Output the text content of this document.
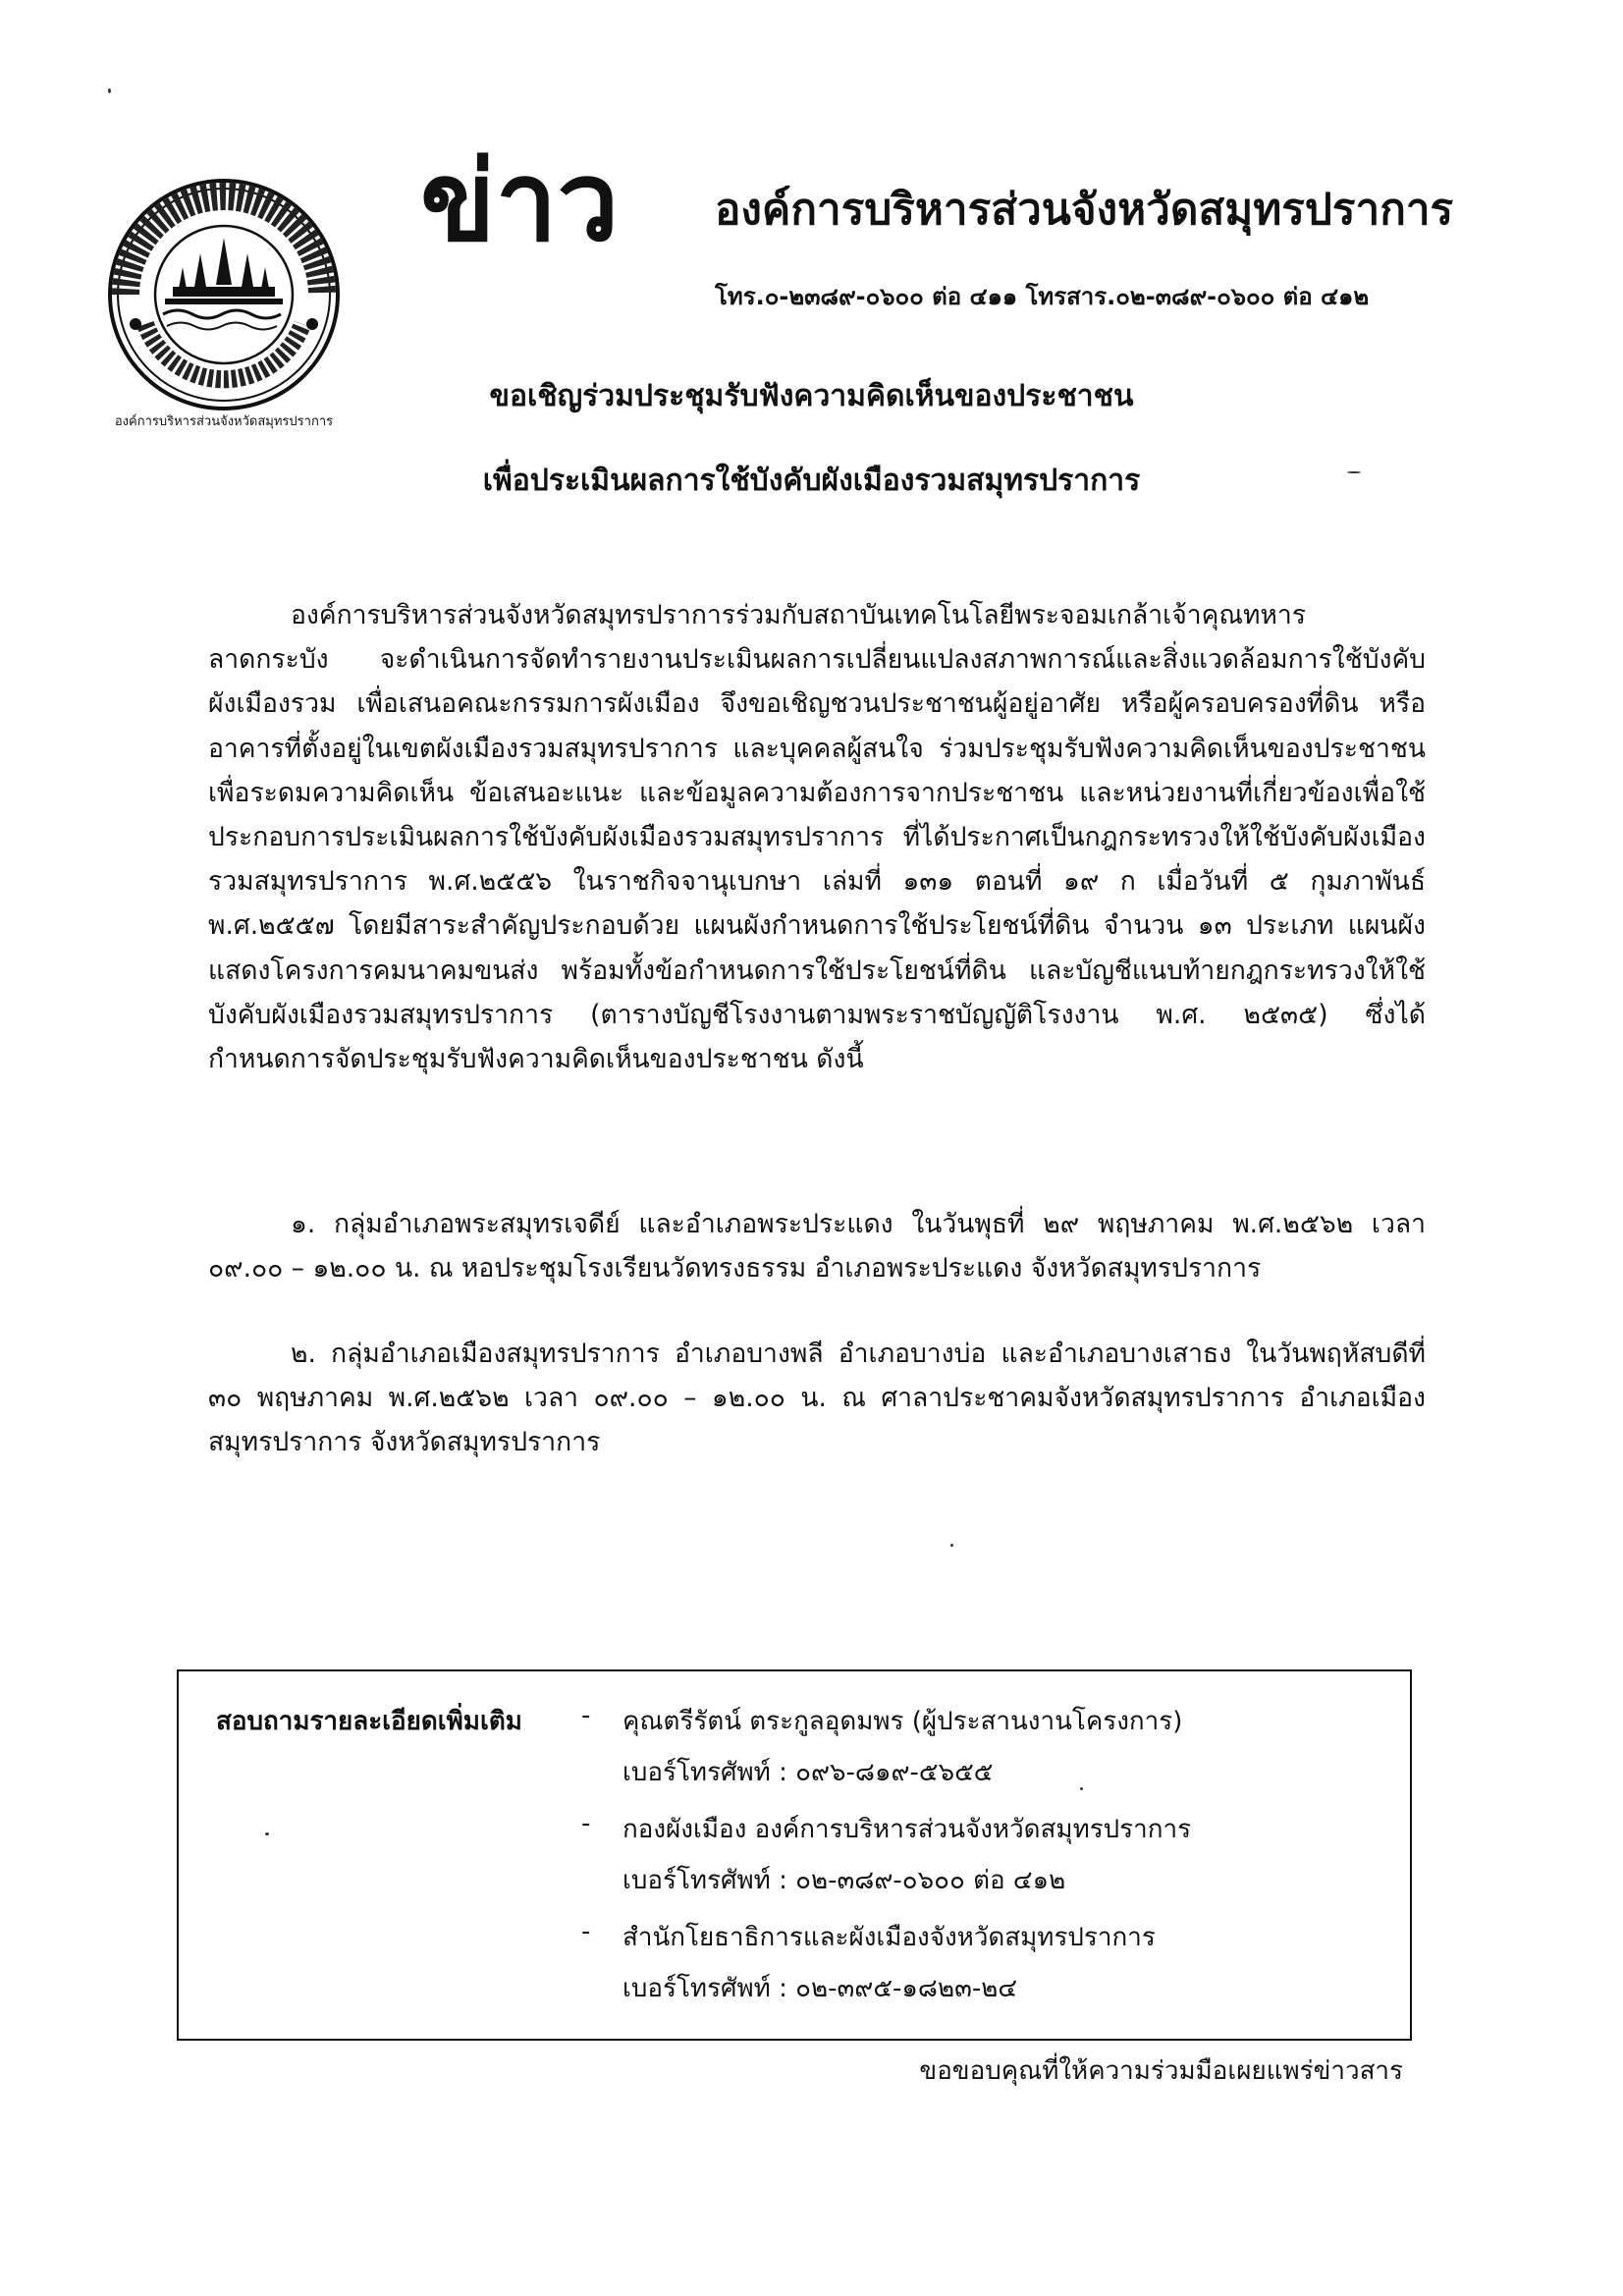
องค์การบริหารส่วนจังหวัดสมุทรปราการ
ข่าว องค์การบริหารส่วนจังหวัดสมุทรปราการ
โทร.๐-๒๓๘๙-๐๖๐๐ ต่อ ๔๑๑ โทรสาร.๐๒-๓๘๙-๐๖๐๐ ต่อ ๔๑๒
ขอเชิญร่วมประชุมรับฟังความคิดเห็นของประชาชน
เพื่อประเมินผลการใช้บังคับผังเมืองรวมสมุทรปราการ

องค์การบริหารส่วนจังหวัดสมุทรปราการร่วมกับสถาบันเทคโนโลยีพระจอมเกล้าเจ้าคุณทหารลาดกระบัง จะดำเนินการจัดทำรายงานประเมินผลการเปลี่ยนแปลงสภาพการณ์และสิ่งแวดล้อมการใช้บังคับผังเมืองรวม เพื่อเสนอคณะกรรมการผังเมือง จึงขอเชิญชวนประชาชนผู้อยู่อาศัย หรือผู้ครอบครองที่ดิน หรืออาคารที่ตั้งอยู่ในเขตผังเมืองรวมสมุทรปราการ และบุคคลผู้สนใจ ร่วมประชุมรับฟังความคิดเห็นของประชาชนเพื่อระดมความคิดเห็น ข้อเสนอะแนะ และข้อมูลความต้องการจากประชาชน และหน่วยงานที่เกี่ยวข้องเพื่อใช้ประกอบการประเมินผลการใช้บังคับผังเมืองรวมสมุทรปราการ ที่ได้ประกาศเป็นกฎกระทรวงให้ใช้บังคับผังเมืองรวมสมุทรปราการ พ.ศ.๒๕๕๖ ในราชกิจจานุเบกษา เล่มที่ ๑๓๑ ตอนที่ ๑๙ ก เมื่อวันที่ ๕ กุมภาพันธ์ พ.ศ.๒๕๕๗ โดยมีสาระสำคัญประกอบด้วย แผนผังกำหนดการใช้ประโยชน์ที่ดิน จำนวน ๑๓ ประเภท แผนผังแสดงโครงการคมนาคมขนส่ง พร้อมทั้งข้อกำหนดการใช้ประโยชน์ที่ดิน และบัญชีแนบท้ายกฎกระทรวงให้ใช้บังคับผังเมืองรวมสมุทรปราการ (ตารางบัญชีโรงงานตามพระราชบัญญัติโรงงาน พ.ศ. ๒๕๓๕) ซึ่งได้กำหนดการจัดประชุมรับฟังความคิดเห็นของประชาชน ดังนี้

๑. กลุ่มอำเภอพระสมุทรเจดีย์ และอำเภอพระประแดง ในวันพุธที่ ๒๙ พฤษภาคม พ.ศ.๒๕๖๒ เวลา ๐๙.๐๐ – ๑๒.๐๐ น. ณ หอประชุมโรงเรียนวัดทรงธรรม อำเภอพระประแดง จังหวัดสมุทรปราการ

๒. กลุ่มอำเภอเมืองสมุทรปราการ อำเภอบางพลี อำเภอบางบ่อ และอำเภอบางเสาธง ในวันพฤหัสบดีที่ ๓๐ พฤษภาคม พ.ศ.๒๕๖๒ เวลา ๐๙.๐๐ – ๑๒.๐๐ น. ณ ศาลาประชาคมจังหวัดสมุทรปราการ อำเภอเมืองสมุทรปราการ จังหวัดสมุทรปราการ

สอบถามรายละเอียดเพิ่มเติม - คุณตรีรัตน์ ตระกูลอุดมพร (ผู้ประสานงานโครงการ)
เบอร์โทรศัพท์ : ๐๙๖-๘๑๙-๕๖๕๕
- กองผังเมือง องค์การบริหารส่วนจังหวัดสมุทรปราการ
เบอร์โทรศัพท์ : ๐๒-๓๘๙-๐๖๐๐ ต่อ ๔๑๒
- สำนักโยธาธิการและผังเมืองจังหวัดสมุทรปราการ
เบอร์โทรศัพท์ : ๐๒-๓๙๕-๑๘๒๓-๒๔
ขอขอบคุณที่ให้ความร่วมมือเผยแพร่ข่าวสาร
